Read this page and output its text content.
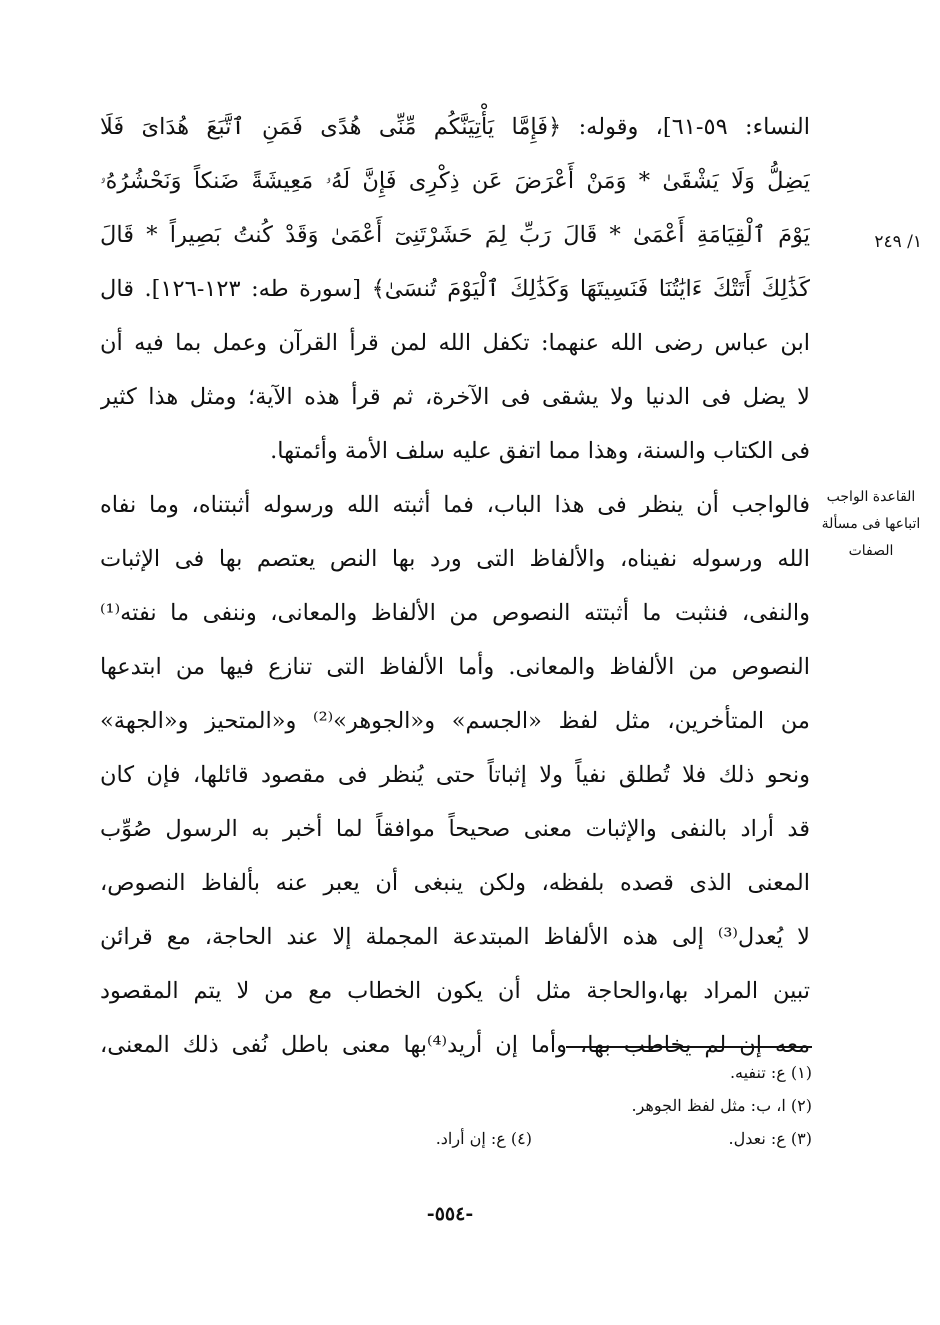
النساء: ٥٩-٦١]، وقوله: ﴿فَإِمَّا يَأْتِيَنَّكُم مِّنِّى هُدًى فَمَنِ ٱتَّبَعَ هُدَاىَ فَلَا
يَضِلُّ وَلَا يَشْقَىٰ * وَمَنْ أَعْرَضَ عَن ذِكْرِى فَإِنَّ لَهُۥ مَعِيشَةً ضَنكاً وَنَحْشُرُهُۥ
يَوْمَ ٱلْقِيَامَةِ أَعْمَىٰ * قَالَ رَبِّ لِمَ حَشَرْتَنِىٓ أَعْمَىٰ وَقَدْ كُنتُ بَصِيراً * قَالَ
كَذَٰلِكَ أَتَتْكَ ءَايَٰتُنَا فَنَسِيتَهَا وَكَذَٰلِكَ ٱلْيَوْمَ تُنسَىٰ﴾ [سورة طه: ١٢٣-١٢٦]. قال
ابن عباس رضى الله عنهما: تكفل الله لمن قرأ القرآن وعمل بما فيه أن
لا يضل فى الدنيا ولا يشقى فى الآخرة، ثم قرأ هذه الآية؛ ومثل هذا كثير
فى الكتاب والسنة، وهذا مما اتفق عليه سلف الأمة وأئمتها.
فالواجب أن ينظر فى هذا الباب، فما أثبته الله ورسوله أثبتناه، وما نفاه
الله ورسوله نفيناه، والألفاظ التى ورد بها النص يعتصم بها فى الإثبات
والنفى، فنثبت ما أثبتته النصوص من الألفاظ والمعانى، وننفى ما نفته⁽¹⁾
النصوص من الألفاظ والمعانى. وأما الألفاظ التى تنازع فيها من ابتدعها
من المتأخرين، مثل لفظ «الجسم» و«الجوهر»⁽²⁾ و«المتحيز و«الجهة»
ونحو ذلك فلا تُطلق نفياً ولا إثباتاً حتى يُنظر فى مقصود قائلها، فإن كان
قد أراد بالنفى والإثبات معنى صحيحاً موافقاً لما أخبر به الرسول صُوِّب
المعنى الذى قصده بلفظه، ولكن ينبغى أن يعبر عنه بألفاظ النصوص،
لا يُعدل⁽³⁾ إلى هذه الألفاظ المبتدعة المجملة إلا عند الحاجة، مع قرائن
تبين المراد بها،والحاجة مثل أن يكون الخطاب مع من لا يتم المقصود
معه إن لم يخاطب بها، وأما إن أريد⁽⁴⁾بها معنى باطل نُفى ذلك المعنى،
١/ ٢٤٩
القاعدة الواجب
اتباعها فى مسألة
الصفات
(١) ع: تنفيه.
(٢) ا، ب: مثل لفظ الجوهر.
(٣) ع: نعدل.
(٤) ع: إن أراد.
-٥٥٤-
